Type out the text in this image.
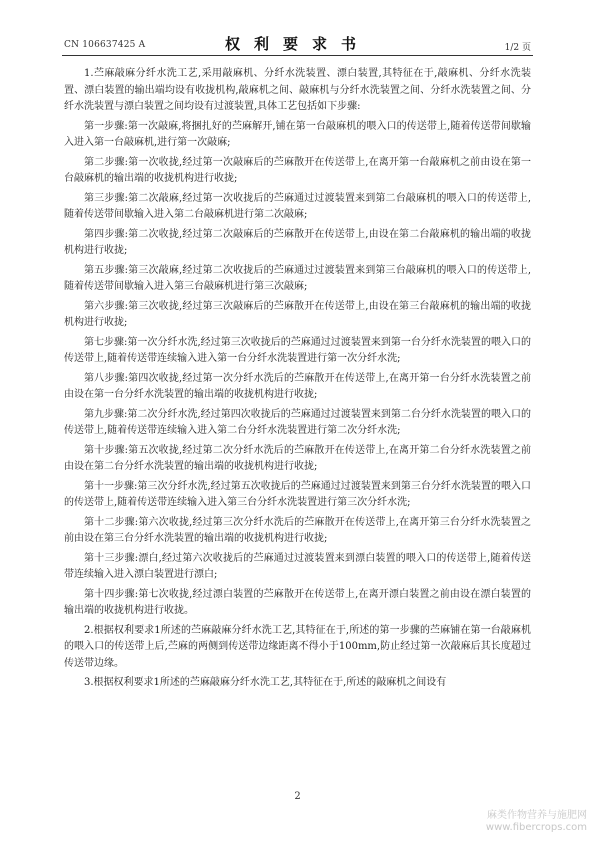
CN 106637425 A	权利要求书	1/2 页

1.苎麻敲麻分纤水洗工艺,采用敲麻机、分纤水洗装置、漂白装置,其特征在于,敲麻机、分纤水洗装置、漂白装置的输出端均设有收拢机构,敲麻机之间、敲麻机与分纤水洗装置之间、分纤水洗装置之间、分纤水洗装置与漂白装置之间均设有过渡装置,具体工艺包括如下步骤:

第一步骤:第一次敲麻,将捆扎好的苎麻解开,铺在第一台敲麻机的喂入口的传送带上,随着传送带间歇输入进入第一台敲麻机,进行第一次敲麻;

第二步骤:第一次收拢,经过第一次敲麻后的苎麻散开在传送带上,在离开第一台敲麻机之前由设在第一台敲麻机的输出端的收拢机构进行收拢;

第三步骤:第二次敲麻,经过第一次收拢后的苎麻通过过渡装置来到第二台敲麻机的喂入口的传送带上,随着传送带间歇输入进入第二台敲麻机进行第二次敲麻;

第四步骤:第二次收拢,经过第二次敲麻后的苎麻散开在传送带上,由设在第二台敲麻机的输出端的收拢机构进行收拢;

第五步骤:第三次敲麻,经过第二次收拢后的苎麻通过过渡装置来到第三台敲麻机的喂入口的传送带上,随着传送带间歇输入进入第三台敲麻机进行第三次敲麻;

第六步骤:第三次收拢,经过第三次敲麻后的苎麻散开在传送带上,由设在第三台敲麻机的输出端的收拢机构进行收拢;

第七步骤:第一次分纤水洗,经过第三次收拢后的苎麻通过过渡装置来到第一台分纤水洗装置的喂入口的传送带上,随着传送带连续输入进入第一台分纤水洗装置进行第一次分纤水洗;

第八步骤:第四次收拢,经过第一次分纤水洗后的苎麻散开在传送带上,在离开第一台分纤水洗装置之前由设在第一台分纤水洗装置的输出端的收拢机构进行收拢;

第九步骤:第二次分纤水洗,经过第四次收拢后的苎麻通过过渡装置来到第二台分纤水洗装置的喂入口的传送带上,随着传送带连续输入进入第二台分纤水洗装置进行第二次分纤水洗;

第十步骤:第五次收拢,经过第二次分纤水洗后的苎麻散开在传送带上,在离开第二台分纤水洗装置之前由设在第二台分纤水洗装置的输出端的收拢机构进行收拢;

第十一步骤:第三次分纤水洗,经过第五次收拢后的苎麻通过过渡装置来到第三台分纤水洗装置的喂入口的传送带上,随着传送带连续输入进入第三台分纤水洗装置进行第三次分纤水洗;

第十二步骤:第六次收拢,经过第三次分纤水洗后的苎麻散开在传送带上,在离开第三台分纤水洗装置之前由设在第三台分纤水洗装置的输出端的收拢机构进行收拢;

第十三步骤:漂白,经过第六次收拢后的苎麻通过过渡装置来到漂白装置的喂入口的传送带上,随着传送带连续输入进入漂白装置进行漂白;

第十四步骤:第七次收拢,经过漂白装置的苎麻散开在传送带上,在离开漂白装置之前由设在漂白装置的输出端的收拢机构进行收拢。

2.根据权利要求1所述的苎麻敲麻分纤水洗工艺,其特征在于,所述的第一步骤的苎麻铺在第一台敲麻机的喂入口的传送带上后,苎麻的两侧到传送带边缘距离不得小于100mm,防止经过第一次敲麻后其长度超过传送带边缘。

3.根据权利要求1所述的苎麻敲麻分纤水洗工艺,其特征在于,所述的敲麻机之间设有

2
麻类作物营养与施肥网
www.fibercrops.com
